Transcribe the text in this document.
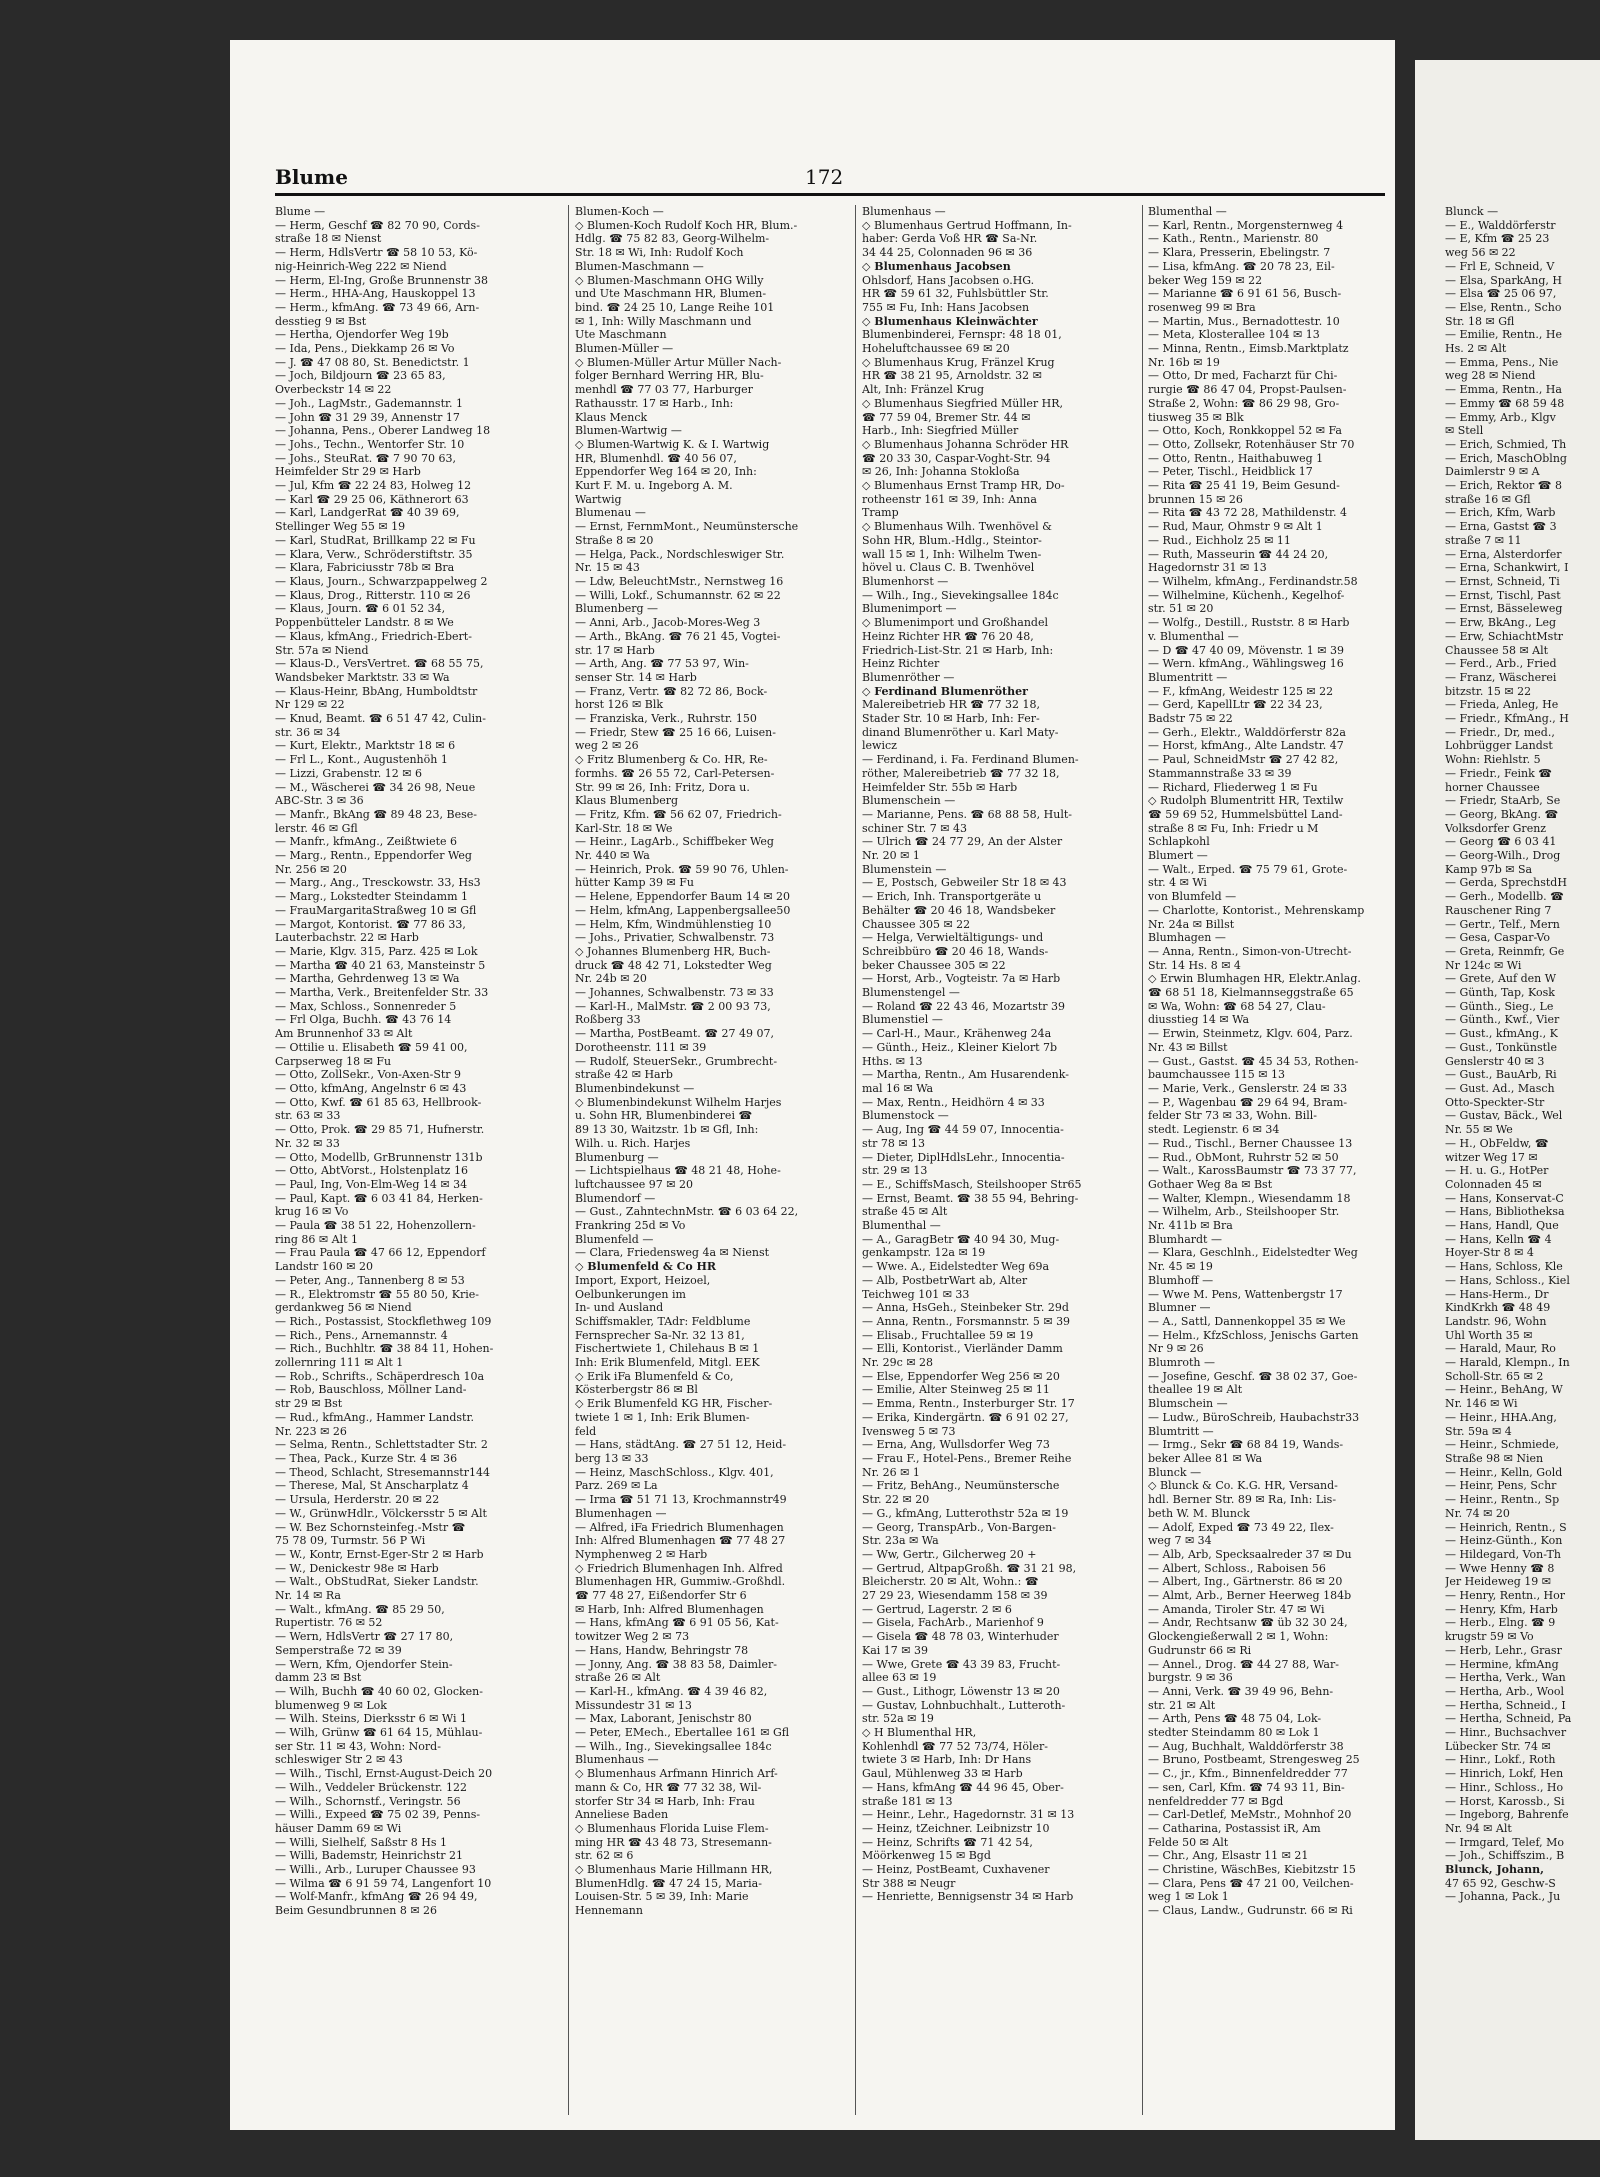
Blume	172
Blume —
— Herm, Geschf ☎ 82 70 90, Cords-
straße 18 ✉ Nienst
— Herm, HdlsVertr ☎ 58 10 53, Kö-
nig-Heinrich-Weg 222 ✉ Niend
— Herm, El-Ing, Große Brunnenstr 38
— Herm., HHA-Ang, Hauskoppel 13
— Herm., kfmAng. ☎ 73 49 66, Arn-
desstieg 9 ✉ Bst
— Hertha, Ojendorfer Weg 19b
— Ida, Pens., Diekkamp 26 ✉ Vo
— J. ☎ 47 08 80, St. Benedictstr. 1
— Joch, Bildjourn ☎ 23 65 83,
Overbeckstr 14 ✉ 22
— Joh., LagMstr., Gademannstr. 1
— John ☎ 31 29 39, Annenstr 17
— Johanna, Pens., Oberer Landweg 18
— Johs., Techn., Wentorfer Str. 10
— Johs., SteuRat. ☎ 7 90 70 63,
Heimfelder Str 29 ✉ Harb
— Jul, Kfm ☎ 22 24 83, Holweg 12
— Karl ☎ 29 25 06, Käthnerort 63
— Karl, LandgerRat ☎ 40 39 69,
Stellinger Weg 55 ✉ 19
— Karl, StudRat, Brillkamp 22 ✉ Fu
— Klara, Verw., Schröderstiftstr. 35
— Klara, Fabriciusstr 78b ✉ Bra
— Klaus, Journ., Schwarzpappelweg 2
— Klaus, Drog., Ritterstr. 110 ✉ 26
— Klaus, Journ. ☎ 6 01 52 34,
Poppenbütteler Landstr. 8 ✉ We
— Klaus, kfmAng., Friedrich-Ebert-
Str. 57a ✉ Niend
— Klaus-D., VersVertret. ☎ 68 55 75,
Wandsbeker Marktstr. 33 ✉ Wa
— Klaus-Heinr, BbAng, Humboldtstr
Nr 129 ✉ 22
— Knud, Beamt. ☎ 6 51 47 42, Culin-
str. 36 ✉ 34
— Kurt, Elektr., Marktstr 18 ✉ 6
— Frl L., Kont., Augustenhöh 1
— Lizzi, Grabenstr. 12 ✉ 6
— M., Wäscherei ☎ 34 26 98, Neue
ABC-Str. 3 ✉ 36
— Manfr., BkAng ☎ 89 48 23, Bese-
lerstr. 46 ✉ Gfl
— Manfr., kfmAng., Zeißtwiete 6
— Marg., Rentn., Eppendorfer Weg
Nr. 256 ✉ 20
— Marg., Ang., Tresckowstr. 33, Hs3
— Marg., Lokstedter Steindamm 1
— FrauMargaritaStraßweg 10 ✉ Gfl
— Margot, Kontorist. ☎ 77 86 33,
Lauterbachstr. 22 ✉ Harb
— Marie, Klgv. 315, Parz. 425 ✉ Lok
— Martha ☎ 40 21 63, Mansteinstr 5
— Martha, Gehrdenweg 13 ✉ Wa
— Martha, Verk., Breitenfelder Str. 33
— Max, Schloss., Sonnenreder 5
— Frl Olga, Buchh. ☎ 43 76 14
Am Brunnenhof 33 ✉ Alt
— Ottilie u. Elisabeth ☎ 59 41 00,
Carpserweg 18 ✉ Fu
— Otto, ZollSekr., Von-Axen-Str 9
— Otto, kfmAng, Angelnstr 6 ✉ 43
— Otto, Kwf. ☎ 61 85 63, Hellbrook-
str. 63 ✉ 33
— Otto, Prok. ☎ 29 85 71, Hufnerstr.
Nr. 32 ✉ 33
— Otto, Modellb, GrBrunnenstr 131b
— Otto, AbtVorst., Holstenplatz 16
— Paul, Ing, Von-Elm-Weg 14 ✉ 34
— Paul, Kapt. ☎ 6 03 41 84, Herken-
krug 16 ✉ Vo
— Paula ☎ 38 51 22, Hohenzollern-
ring 86 ✉ Alt 1
— Frau Paula ☎ 47 66 12, Eppendorf
Landstr 160 ✉ 20
— Peter, Ang., Tannenberg 8 ✉ 53
— R., Elektromstr ☎ 55 80 50, Krie-
gerdankweg 56 ✉ Niend
— Rich., Postassist, Stockflethweg 109
— Rich., Pens., Arnemannstr. 4
— Rich., Buchhltr. ☎ 38 84 11, Hohen-
zollernring 111 ✉ Alt 1
— Rob., Schrifts., Schäperdresch 10a
— Rob, Bauschloss, Möllner Land-
str 29 ✉ Bst
— Rud., kfmAng., Hammer Landstr.
Nr. 223 ✉ 26
— Selma, Rentn., Schlettstadter Str. 2
— Thea, Pack., Kurze Str. 4 ✉ 36
— Theod, Schlacht, Stresemannstr144
— Therese, Mal, St Anscharplatz 4
— Ursula, Herderstr. 20 ✉ 22
— W., GrünwHdlr., Völckersstr 5 ✉ Alt
— W. Bez Schornsteinfeg.-Mstr ☎
75 78 09, Turmstr. 56 P Wi
— W., Kontr, Ernst-Eger-Str 2 ✉ Harb
— W., Denickestr 98e ✉ Harb
— Walt., ObStudRat, Sieker Landstr.
Nr. 14 ✉ Ra
— Walt., kfmAng. ☎ 85 29 50,
Rupertistr. 76 ✉ 52
— Wern, HdlsVertr ☎ 27 17 80,
Semperstraße 72 ✉ 39
— Wern, Kfm, Ojendorfer Stein-
damm 23 ✉ Bst
— Wilh, Buchh ☎ 40 60 02, Glocken-
blumenweg 9 ✉ Lok
— Wilh. Steins, Dierksstr 6 ✉ Wi 1
— Wilh, Grünw ☎ 61 64 15, Mühlau-
ser Str. 11 ✉ 43, Wohn: Nord-
schleswiger Str 2 ✉ 43
— Wilh., Tischl, Ernst-August-Deich 20
— Wilh., Veddeler Brückenstr. 122
— Wilh., Schornstf., Veringstr. 56
— Willi., Expeed ☎ 75 02 39, Penns-
häuser Damm 69 ✉ Wi
— Willi, Sielhelf, Saßstr 8 Hs 1
— Willi, Bademstr, Heinrichstr 21
— Willi., Arb., Luruper Chaussee 93
— Wilma ☎ 6 91 59 74, Langenfort 10
— Wolf-Manfr., kfmAng ☎ 26 94 49,
Beim Gesundbrunnen 8 ✉ 26
Blumen-Koch —
◇ Blumen-Koch Rudolf Koch HR, Blum.-
Hdlg. ☎ 75 82 83, Georg-Wilhelm-
Str. 18 ✉ Wi, Inh: Rudolf Koch
Blumen-Maschmann —
◇ Blumen-Maschmann OHG Willy
und Ute Maschmann HR, Blumen-
bind. ☎ 24 25 10, Lange Reihe 101
✉ 1, Inh: Willy Maschmann und
Ute Maschmann
Blumen-Müller —
◇ Blumen-Müller Artur Müller Nach-
folger Bernhard Werring HR, Blu-
menhdl ☎ 77 03 77, Harburger
Rathausstr. 17 ✉ Harb., Inh:
Klaus Menck
Blumen-Wartwig —
◇ Blumen-Wartwig K. & I. Wartwig
HR, Blumenhdl. ☎ 40 56 07,
Eppendorfer Weg 164 ✉ 20, Inh:
Kurt F. M. u. Ingeborg A. M.
Wartwig
Blumenau —
— Ernst, FernmMont., Neumünstersche
Straße 8 ✉ 20
— Helga, Pack., Nordschleswiger Str.
Nr. 15 ✉ 43
— Ldw, BeleuchtMstr., Nernstweg 16
— Willi, Lokf., Schumannstr. 62 ✉ 22
Blumenberg —
— Anni, Arb., Jacob-Mores-Weg 3
— Arth., BkAng. ☎ 76 21 45, Vogtei-
str. 17 ✉ Harb
— Arth, Ang. ☎ 77 53 97, Win-
senser Str. 14 ✉ Harb
— Franz, Vertr. ☎ 82 72 86, Bock-
horst 126 ✉ Blk
— Franziska, Verk., Ruhrstr. 150
— Friedr, Stew ☎ 25 16 66, Luisen-
weg 2 ✉ 26
◇ Fritz Blumenberg & Co. HR, Re-
formhs. ☎ 26 55 72, Carl-Petersen-
Str. 99 ✉ 26, Inh: Fritz, Dora u.
Klaus Blumenberg
— Fritz, Kfm. ☎ 56 62 07, Friedrich-
Karl-Str. 18 ✉ We
— Heinr., LagArb., Schiffbeker Weg
Nr. 440 ✉ Wa
— Heinrich, Prok. ☎ 59 90 76, Uhlen-
hütter Kamp 39 ✉ Fu
— Helene, Eppendorfer Baum 14 ✉ 20
— Helm, kfmAng, Lappenbergsallee50
— Helm, Kfm, Windmühlenstieg 10
— Johs., Privatier, Schwalbenstr. 73
◇ Johannes Blumenberg HR, Buch-
druck ☎ 48 42 71, Lokstedter Weg
Nr. 24b ✉ 20
— Johannes, Schwalbenstr. 73 ✉ 33
— Karl-H., MalMstr. ☎ 2 00 93 73,
Roßberg 33
— Martha, PostBeamt. ☎ 27 49 07,
Dorotheenstr. 111 ✉ 39
— Rudolf, SteuerSekr., Grumbrecht-
straße 42 ✉ Harb
Blumenbindekunst —
◇ Blumenbindekunst Wilhelm Harjes
u. Sohn HR, Blumenbinderei ☎
89 13 30, Waitzstr. 1b ✉ Gfl, Inh:
Wilh. u. Rich. Harjes
Blumenburg —
— Lichtspielhaus ☎ 48 21 48, Hohe-
luftchaussee 97 ✉ 20
Blumendorf —
— Gust., ZahntechnMstr. ☎ 6 03 64 22,
Frankring 25d ✉ Vo
Blumenfeld —
— Clara, Friedensweg 4a ✉ Nienst
◇ Blumenfeld & Co HR
Import, Export, Heizoel,
Oelbunkerungen im
In- und Ausland
Schiffsmakler, TAdr: Feldblume
Fernsprecher Sa-Nr. 32 13 81,
Fischertwiete 1, Chilehaus B ✉ 1
Inh: Erik Blumenfeld, Mitgl. EEK
◇ Erik iFa Blumenfeld & Co,
Kösterbergstr 86 ✉ Bl
◇ Erik Blumenfeld KG HR, Fischer-
twiete 1 ✉ 1, Inh: Erik Blumen-
feld
— Hans, städtAng. ☎ 27 51 12, Heid-
berg 13 ✉ 33
— Heinz, MaschSchloss., Klgv. 401,
Parz. 269 ✉ La
— Irma ☎ 51 71 13, Krochmannstr49
Blumenhagen —
— Alfred, iFa Friedrich Blumenhagen
Inh: Alfred Blumenhagen ☎ 77 48 27
Nymphenweg 2 ✉ Harb
◇ Friedrich Blumenhagen Inh. Alfred
Blumenhagen HR, Gummiw.-Großhdl.
☎ 77 48 27, Eißendorfer Str 6
✉ Harb, Inh: Alfred Blumenhagen
— Hans, kfmAng ☎ 6 91 05 56, Kat-
towitzer Weg 2 ✉ 73
— Hans, Handw, Behringstr 78
— Jonny, Ang. ☎ 38 83 58, Daimler-
straße 26 ✉ Alt
— Karl-H., kfmAng. ☎ 4 39 46 82,
Missundestr 31 ✉ 13
— Max, Laborant, Jenischstr 80
— Peter, EMech., Ebertallee 161 ✉ Gfl
— Wilh., Ing., Sievekingsallee 184c
Blumenhaus —
◇ Blumenhaus Arfmann Hinrich Arf-
mann & Co, HR ☎ 77 32 38, Wil-
storfer Str 34 ✉ Harb, Inh: Frau
Anneliese Baden
◇ Blumenhaus Florida Luise Flem-
ming HR ☎ 43 48 73, Stresemann-
str. 62 ✉ 6
◇ Blumenhaus Marie Hillmann HR,
BlumenHdlg. ☎ 47 24 15, Maria-
Louisen-Str. 5 ✉ 39, Inh: Marie
Hennemann
Blumenhaus —
◇ Blumenhaus Gertrud Hoffmann, In-
haber: Gerda Voß HR ☎ Sa-Nr.
34 44 25, Colonnaden 96 ✉ 36
◇ Blumenhaus Jacobsen
Ohlsdorf, Hans Jacobsen o.HG.
HR ☎ 59 61 32, Fuhlsbüttler Str.
755 ✉ Fu, Inh: Hans Jacobsen
◇ Blumenhaus Kleinwächter
Blumenbinderei, Fernspr: 48 18 01,
Hoheluftchaussee 69 ✉ 20
◇ Blumenhaus Krug, Fränzel Krug
HR ☎ 38 21 95, Arnoldstr. 32 ✉
Alt, Inh: Fränzel Krug
◇ Blumenhaus Siegfried Müller HR,
☎ 77 59 04, Bremer Str. 44 ✉
Harb., Inh: Siegfried Müller
◇ Blumenhaus Johanna Schröder HR
☎ 20 33 30, Caspar-Voght-Str. 94
✉ 26, Inh: Johanna Stokloßa
◇ Blumenhaus Ernst Tramp HR, Do-
rotheenstr 161 ✉ 39, Inh: Anna
Tramp
◇ Blumenhaus Wilh. Twenhövel &
Sohn HR, Blum.-Hdlg., Steintor-
wall 15 ✉ 1, Inh: Wilhelm Twen-
hövel u. Claus C. B. Twenhövel
Blumenhorst —
— Wilh., Ing., Sievekingsallee 184c
Blumenimport —
◇ Blumenimport und Großhandel
Heinz Richter HR ☎ 76 20 48,
Friedrich-List-Str. 21 ✉ Harb, Inh:
Heinz Richter
Blumenröther —
◇ Ferdinand Blumenröther
Malereibetrieb HR ☎ 77 32 18,
Stader Str. 10 ✉ Harb, Inh: Fer-
dinand Blumenröther u. Karl Maty-
lewicz
— Ferdinand, i. Fa. Ferdinand Blumen-
röther, Malereibetrieb ☎ 77 32 18,
Heimfelder Str. 55b ✉ Harb
Blumenschein —
— Marianne, Pens. ☎ 68 88 58, Hult-
schiner Str. 7 ✉ 43
— Ulrich ☎ 24 77 29, An der Alster
Nr. 20 ✉ 1
Blumenstein —
— E, Postsch, Gebweiler Str 18 ✉ 43
— Erich, Inh. Transportgeräte u
Behälter ☎ 20 46 18, Wandsbeker
Chaussee 305 ✉ 22
— Helga, Verwieltältigungs- und
Schreibbüro ☎ 20 46 18, Wands-
beker Chaussee 305 ✉ 22
— Horst, Arb., Vogteistr. 7a ✉ Harb
Blumenstengel —
— Roland ☎ 22 43 46, Mozartstr 39
Blumenstiel —
— Carl-H., Maur., Krähenweg 24a
— Günth., Heiz., Kleiner Kielort 7b
Hths. ✉ 13
— Martha, Rentn., Am Husarendenk-
mal 16 ✉ Wa
— Max, Rentn., Heidhörn 4 ✉ 33
Blumenstock —
— Aug, Ing ☎ 44 59 07, Innocentia-
str 78 ✉ 13
— Dieter, DiplHdlsLehr., Innocentia-
str. 29 ✉ 13
— E., SchiffsMasch, Steilshooper Str65
— Ernst, Beamt. ☎ 38 55 94, Behring-
straße 45 ✉ Alt
Blumenthal —
— A., GaragBetr ☎ 40 94 30, Mug-
genkampstr. 12a ✉ 19
— Wwe. A., Eidelstedter Weg 69a
— Alb, PostbetrWart ab, Alter
Teichweg 101 ✉ 33
— Anna, HsGeh., Steinbeker Str. 29d
— Anna, Rentn., Forsmannstr. 5 ✉ 39
— Elisab., Fruchtallee 59 ✉ 19
— Elli, Kontorist., Vierländer Damm
Nr. 29c ✉ 28
— Else, Eppendorfer Weg 256 ✉ 20
— Emilie, Alter Steinweg 25 ✉ 11
— Emma, Rentn., Insterburger Str. 17
— Erika, Kindergärtn. ☎ 6 91 02 27,
Ivensweg 5 ✉ 73
— Erna, Ang, Wullsdorfer Weg 73
— Frau F., Hotel-Pens., Bremer Reihe
Nr. 26 ✉ 1
— Fritz, BehAng., Neumünstersche
Str. 22 ✉ 20
— G., kfmAng, Lutterothstr 52a ✉ 19
— Georg, TranspArb., Von-Bargen-
Str. 23a ✉ Wa
— Ww, Gertr., Gilcherweg 20 +
— Gertrud, AltpapGroßh. ☎ 31 21 98,
Bleicherstr. 20 ✉ Alt, Wohn.: ☎
27 29 23, Wiesendamm 158 ✉ 39
— Gertrud, Lagerstr. 2 ✉ 6
— Gisela, FachArb., Marienhof 9
— Gisela ☎ 48 78 03, Winterhuder
Kai 17 ✉ 39
— Wwe, Grete ☎ 43 39 83, Frucht-
allee 63 ✉ 19
— Gust., Lithogr, Löwenstr 13 ✉ 20
— Gustav, Lohnbuchhalt., Lutteroth-
str. 52a ✉ 19
◇ H Blumenthal HR,
Kohlenhdl ☎ 77 52 73/74, Höler-
twiete 3 ✉ Harb, Inh: Dr Hans
Gaul, Mühlenweg 33 ✉ Harb
— Hans, kfmAng ☎ 44 96 45, Ober-
straße 181 ✉ 13
— Heinr., Lehr., Hagedornstr. 31 ✉ 13
— Heinz, tZeichner. Leibnizstr 10
— Heinz, Schrifts ☎ 71 42 54,
Möörkenweg 15 ✉ Bgd
— Heinz, PostBeamt, Cuxhavener
Str 388 ✉ Neugr
— Henriette, Bennigsenstr 34 ✉ Harb
Blumenthal —
— Karl, Rentn., Morgensternweg 4
— Kath., Rentn., Marienstr. 80
— Klara, Presserin, Ebelingstr. 7
— Lisa, kfmAng. ☎ 20 78 23, Eil-
beker Weg 159 ✉ 22
— Marianne ☎ 6 91 61 56, Busch-
rosenweg 99 ✉ Bra
— Martin, Mus., Bernadottestr. 10
— Meta, Klosterallee 104 ✉ 13
— Minna, Rentn., Eimsb.Marktplatz
Nr. 16b ✉ 19
— Otto, Dr med, Facharzt für Chi-
rurgie ☎ 86 47 04, Propst-Paulsen-
Straße 2, Wohn: ☎ 86 29 98, Gro-
tiusweg 35 ✉ Blk
— Otto, Koch, Ronkkoppel 52 ✉ Fa
— Otto, Zollsekr, Rotenhäuser Str 70
— Otto, Rentn., Haithabuweg 1
— Peter, Tischl., Heidblick 17
— Rita ☎ 25 41 19, Beim Gesund-
brunnen 15 ✉ 26
— Rita ☎ 43 72 28, Mathildenstr. 4
— Rud, Maur, Ohmstr 9 ✉ Alt 1
— Rud., Eichholz 25 ✉ 11
— Ruth, Masseurin ☎ 44 24 20,
Hagedornstr 31 ✉ 13
— Wilhelm, kfmAng., Ferdinandstr.58
— Wilhelmine, Küchenh., Kegelhof-
str. 51 ✉ 20
— Wolfg., Destill., Ruststr. 8 ✉ Harb
v. Blumenthal —
— D ☎ 47 40 09, Mövenstr. 1 ✉ 39
— Wern. kfmAng., Wählingsweg 16
Blumentritt —
— F., kfmAng, Weidestr 125 ✉ 22
— Gerd, KapellLtr ☎ 22 34 23,
Badstr 75 ✉ 22
— Gerh., Elektr., Walddörferstr 82a
— Horst, kfmAng., Alte Landstr. 47
— Paul, SchneidMstr ☎ 27 42 82,
Stammannstraße 33 ✉ 39
— Richard, Fliederweg 1 ✉ Fu
◇ Rudolph Blumentritt HR, Textilw
☎ 59 69 52, Hummelsbüttel Land-
straße 8 ✉ Fu, Inh: Friedr u M
Schlapkohl
Blumert —
— Walt., Erped. ☎ 75 79 61, Grote-
str. 4 ✉ Wi
von Blumfeld —
— Charlotte, Kontorist., Mehrenskamp
Nr. 24a ✉ Billst
Blumhagen —
— Anna, Rentn., Simon-von-Utrecht-
Str. 14 Hs. 8 ✉ 4
◇ Erwin Blumhagen HR, Elektr.Anlag.
☎ 68 51 18, Kielmannseggstraße 65
✉ Wa, Wohn: ☎ 68 54 27, Clau-
diusstieg 14 ✉ Wa
— Erwin, Steinmetz, Klgv. 604, Parz.
Nr. 43 ✉ Billst
— Gust., Gastst. ☎ 45 34 53, Rothen-
baumchaussee 115 ✉ 13
— Marie, Verk., Genslerstr. 24 ✉ 33
— P., Wagenbau ☎ 29 64 94, Bram-
felder Str 73 ✉ 33, Wohn. Bill-
stedt. Legienstr. 6 ✉ 34
— Rud., Tischl., Berner Chaussee 13
— Rud., ObMont, Ruhrstr 52 ✉ 50
— Walt., KarossBaumstr ☎ 73 37 77,
Gothaer Weg 8a ✉ Bst
— Walter, Klempn., Wiesendamm 18
— Wilhelm, Arb., Steilshooper Str.
Nr. 411b ✉ Bra
Blumhardt —
— Klara, Geschlnh., Eidelstedter Weg
Nr. 45 ✉ 19
Blumhoff —
— Wwe M. Pens, Wattenbergstr 17
Blumner —
— A., Sattl, Dannenkoppel 35 ✉ We
— Helm., KfzSchloss, Jenischs Garten
Nr 9 ✉ 26
Blumroth —
— Josefine, Geschf. ☎ 38 02 37, Goe-
theallee 19 ✉ Alt
Blumschein —
— Ludw., BüroSchreib, Haubachstr33
Blumtritt —
— Irmg., Sekr ☎ 68 84 19, Wands-
beker Allee 81 ✉ Wa
Blunck —
◇ Blunck & Co. K.G. HR, Versand-
hdl. Berner Str. 89 ✉ Ra, Inh: Lis-
beth W. M. Blunck
— Adolf, Exped ☎ 73 49 22, Ilex-
weg 7 ✉ 34
— Alb, Arb, Specksaalreder 37 ✉ Du
— Albert, Schloss., Raboisen 56
— Albert, Ing., Gärtnerstr. 86 ✉ 20
— Almt, Arb., Berner Heerweg 184b
— Amanda, Tiroler Str. 47 ✉ Wi
— Andr, Rechtsanw ☎ üb 32 30 24,
Glockengießerwall 2 ✉ 1, Wohn:
Gudrunstr 66 ✉ Ri
— Annel., Drog. ☎ 44 27 88, War-
burgstr. 9 ✉ 36
— Anni, Verk. ☎ 39 49 96, Behn-
str. 21 ✉ Alt
— Arth, Pens ☎ 48 75 04, Lok-
stedter Steindamm 80 ✉ Lok 1
— Aug, Buchhalt, Walddörferstr 38
— Bruno, Postbeamt, Strengesweg 25
— C., jr., Kfm., Binnenfeldredder 77
— sen, Carl, Kfm. ☎ 74 93 11, Bin-
nenfeldredder 77 ✉ Bgd
— Carl-Detlef, MeMstr., Mohnhof 20
— Catharina, Postassist iR, Am
Felde 50 ✉ Alt
— Chr., Ang, Elsastr 11 ✉ 21
— Christine, WäschBes, Kiebitzstr 15
— Clara, Pens ☎ 47 21 00, Veilchen-
weg 1 ✉ Lok 1
— Claus, Landw., Gudrunstr. 66 ✉ Ri
Blunck —
— E., Walddörferstr
— E, Kfm ☎ 25 23
weg 56 ✉ 22
— Frl E, Schneid, V
— Elsa, SparkAng, H
— Elsa ☎ 25 06 97,
— Else, Rentn., Scho
Str. 18 ✉ Gfl
— Emilie, Rentn., He
Hs. 2 ✉ Alt
— Emma, Pens., Nie
weg 28 ✉ Niend
— Emma, Rentn., Ha
— Emmy ☎ 68 59 48
— Emmy, Arb., Klgv
✉ Stell
— Erich, Schmied, Th
— Erich, MaschOblng
Daimlerstr 9 ✉ A
— Erich, Rektor ☎ 8
straße 16 ✉ Gfl
— Erich, Kfm, Warb
— Erna, Gastst ☎ 3
straße 7 ✉ 11
— Erna, Alsterdorfer
— Erna, Schankwirt, I
— Ernst, Schneid, Ti
— Ernst, Tischl, Past
— Ernst, Bässeleweg
— Erw, BkAng., Leg
— Erw, SchiachtMstr
Chaussee 58 ✉ Alt
— Ferd., Arb., Fried
— Franz, Wäscherei
bitzstr. 15 ✉ 22
— Frieda, Anleg, He
— Friedr., KfmAng., H
— Friedr., Dr, med.,
Lohbrügger Landst
Wohn: Riehlstr. 5
— Friedr., Feink ☎
horner Chaussee
— Friedr, StaArb, Se
— Georg, BkAng. ☎
Volksdorfer Grenz
— Georg ☎ 6 03 41
— Georg-Wilh., Drog
Kamp 97b ✉ Sa
— Gerda, SprechstdH
— Gerh., Modellb. ☎
Rauschener Ring 7
— Gertr., Telf., Mern
— Gesa, Caspar-Vo
— Greta, Reinmfr, Ge
Nr 124c ✉ Wi
— Grete, Auf den W
— Günth, Tap, Kosk
— Günth., Sieg., Le
— Günth., Kwf., Vier
— Gust., kfmAng., K
— Gust., Tonkünstle
Genslerstr 40 ✉ 3
— Gust., BauArb, Ri
— Gust. Ad., Masch
Otto-Speckter-Str
— Gustav, Bäck., Wel
Nr. 55 ✉ We
— H., ObFeldw, ☎
witzer Weg 17 ✉
— H. u. G., HotPer
Colonnaden 45 ✉
— Hans, Konservat-C
— Hans, Bibliotheksa
— Hans, Handl, Que
— Hans, Kelln ☎ 4
Hoyer-Str 8 ✉ 4
— Hans, Schloss, Kle
— Hans, Schloss., Kiel
— Hans-Herm., Dr
KindKrkh ☎ 48 49
Landstr. 96, Wohn
Uhl Worth 35 ✉
— Harald, Maur, Ro
— Harald, Klempn., In
Scholl-Str. 65 ✉ 2
— Heinr., BehAng, W
Nr. 146 ✉ Wi
— Heinr., HHA.Ang,
Str. 59a ✉ 4
— Heinr., Schmiede,
Straße 98 ✉ Nien
— Heinr., Kelln, Gold
— Heinr, Pens, Schr
— Heinr., Rentn., Sp
Nr. 74 ✉ 20
— Heinrich, Rentn., S
— Heinz-Günth., Kon
— Hildegard, Von-Th
— Wwe Henny ☎ 8
Jer Heideweg 19 ✉
— Henry, Rentn., Hor
— Henry, Kfm, Harb
— Herb., Elng. ☎ 9
krugstr 59 ✉ Vo
— Herb, Lehr., Grasr
— Hermine, kfmAng
— Hertha, Verk., Wan
— Hertha, Arb., Wool
— Hertha, Schneid., I
— Hertha, Schneid, Pa
— Hinr., Buchsachver
Lübecker Str. 74 ✉
— Hinr., Lokf., Roth
— Hinrich, Lokf, Hen
— Hinr., Schloss., Ho
— Horst, Karossb., Si
— Ingeborg, Bahrenfe
Nr. 94 ✉ Alt
— Irmgard, Telef, Mo
— Joh., Schiffszim., B
Blunck, Johann,
47 65 92, Geschw-S
— Johanna, Pack., Ju
